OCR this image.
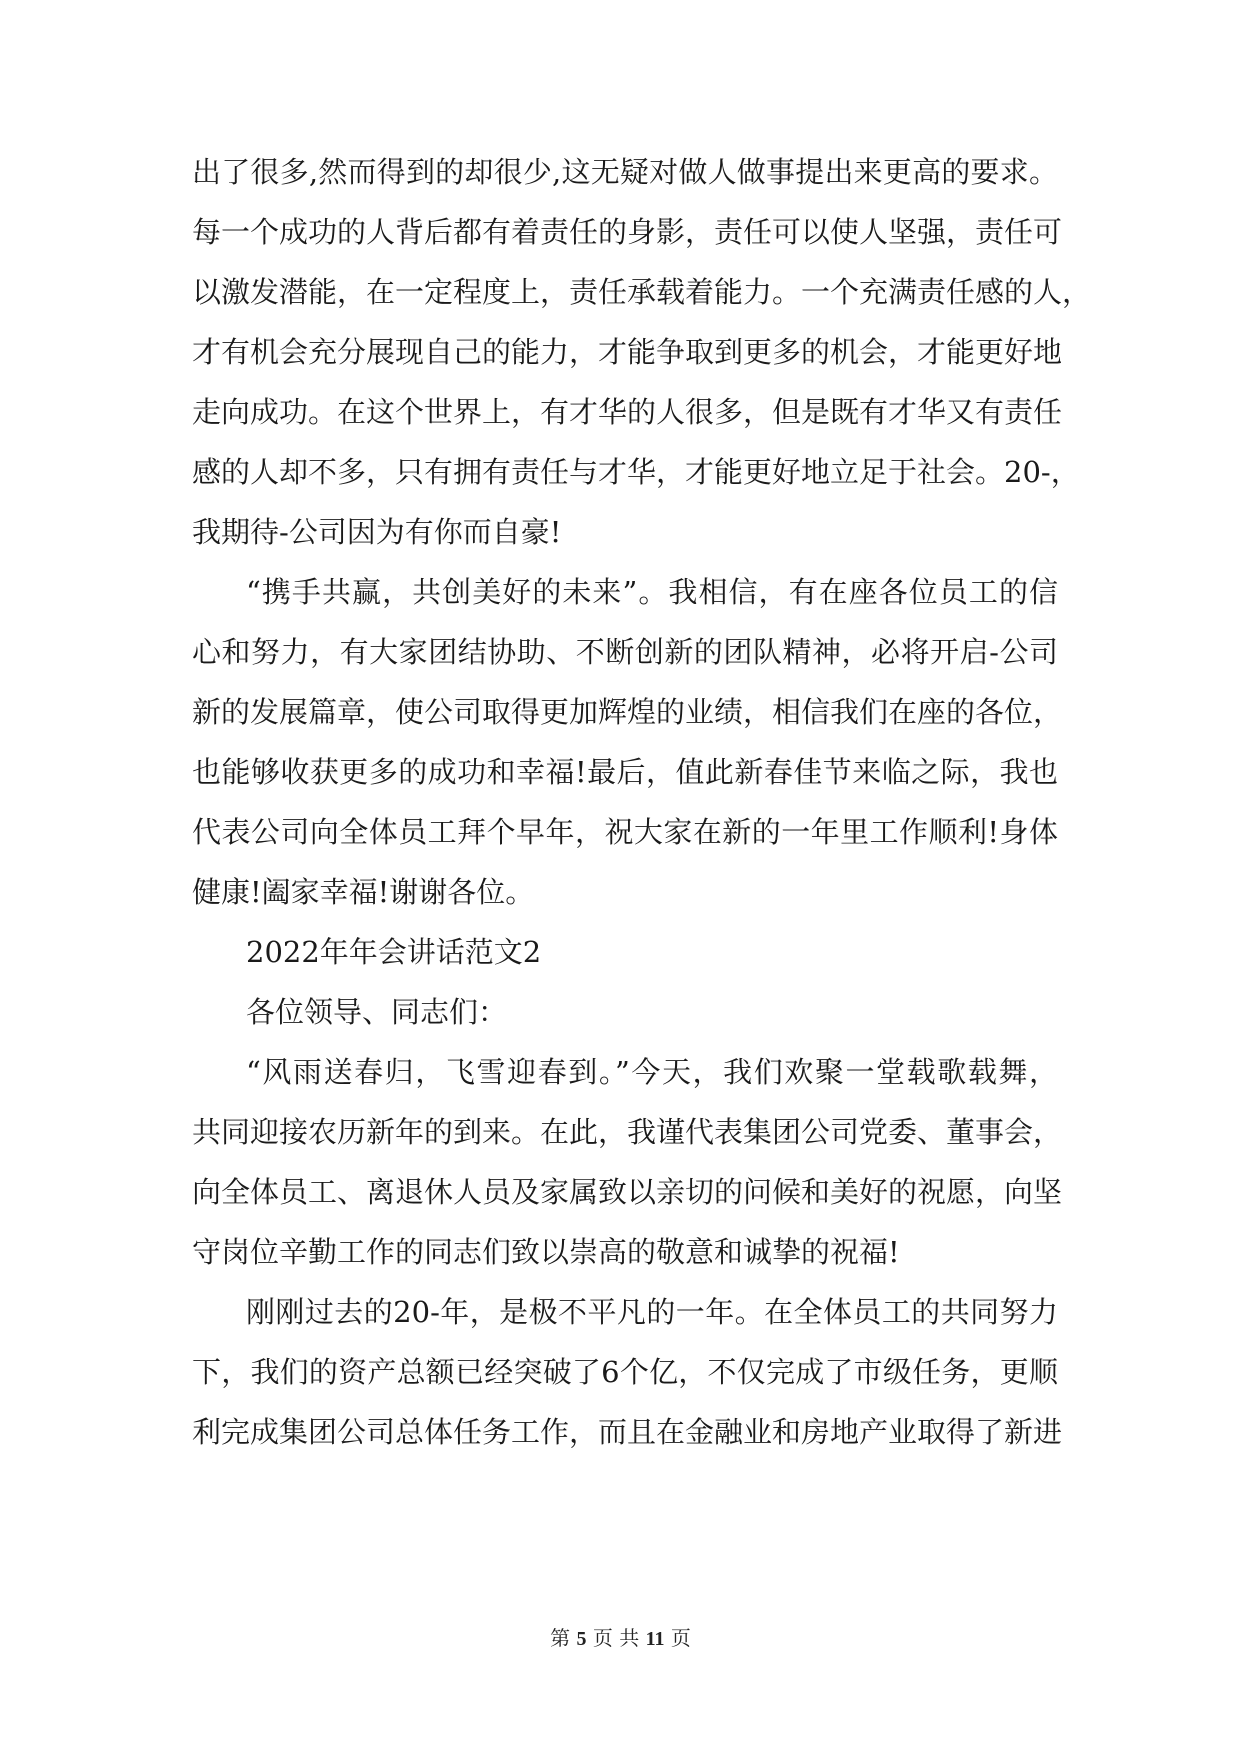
出了很多,然而得到的却很少,这无疑对做人做事提出来更高的要求。
每一个成功的人背后都有着责任的身影，责任可以使人坚强，责任可
以激发潜能，在一定程度上，责任承载着能力。一个充满责任感的人，
才有机会充分展现自己的能力，才能争取到更多的机会，才能更好地
走向成功。在这个世界上，有才华的人很多，但是既有才华又有责任
感的人却不多，只有拥有责任与才华，才能更好地立足于社会。20-，
我期待-公司因为有你而自豪!
“携手共赢，共创美好的未来”。我相信，有在座各位员工的信
心和努力，有大家团结协助、不断创新的团队精神，必将开启-公司
新的发展篇章，使公司取得更加辉煌的业绩，相信我们在座的各位，
也能够收获更多的成功和幸福!最后，值此新春佳节来临之际，我也
代表公司向全体员工拜个早年，祝大家在新的一年里工作顺利!身体
健康!阖家幸福!谢谢各位。
2022年年会讲话范文2
各位领导、同志们：
“风雨送春归，飞雪迎春到。”今天，我们欢聚一堂载歌载舞，
共同迎接农历新年的到来。在此，我谨代表集团公司党委、董事会，
向全体员工、离退休人员及家属致以亲切的问候和美好的祝愿，向坚
守岗位辛勤工作的同志们致以崇高的敬意和诚挚的祝福!
刚刚过去的20-年，是极不平凡的一年。在全体员工的共同努力
下，我们的资产总额已经突破了6个亿，不仅完成了市级任务，更顺
利完成集团公司总体任务工作，而且在金融业和房地产业取得了新进
第 5 页 共 11 页
